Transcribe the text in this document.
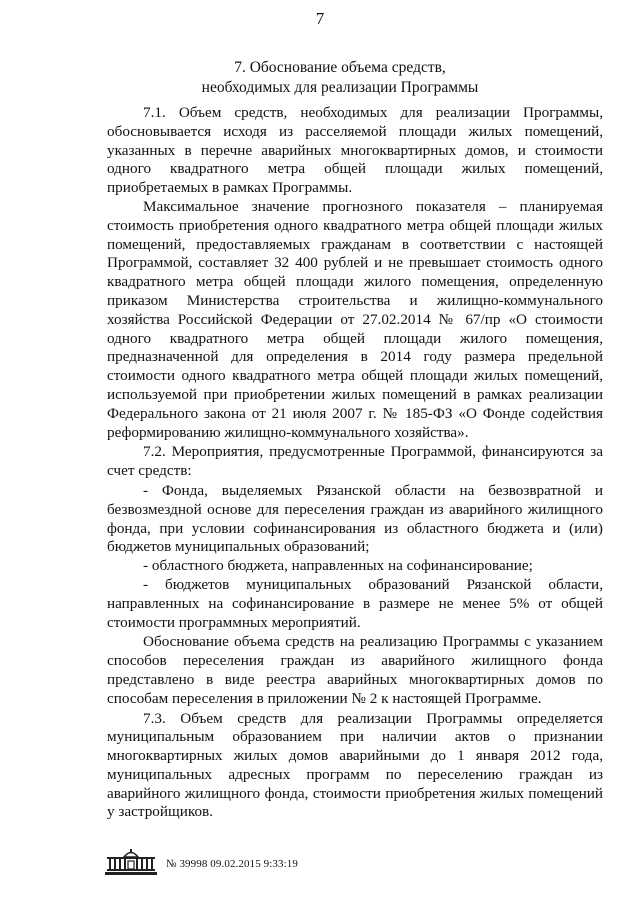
7
7. Обоснование объема средств,
необходимых для реализации Программы

7.1. Объем средств, необходимых для реализации Программы, обосновывается исходя из расселяемой площади жилых помещений, указанных в перечне аварийных многоквартирных домов, и стоимости одного квадратного метра общей площади жилых помещений, приобретаемых в рамках Программы.

Максимальное значение прогнозного показателя – планируемая стоимость приобретения одного квадратного метра общей площади жилых помещений, предоставляемых гражданам в соответствии с настоящей Программой, составляет 32 400 рублей и не превышает стоимость одного квадратного метра общей площади жилого помещения, определенную приказом Министерства строительства и жилищно-коммунального хозяйства Российской Федерации от 27.02.2014 № 67/пр «О стоимости одного квадратного метра общей площади жилого помещения, предназначенной для определения в 2014 году размера предельной стоимости одного квадратного метра общей площади жилых помещений, используемой при приобретении жилых помещений в рамках реализации Федерального закона от 21 июля 2007 г. № 185-ФЗ «О Фонде содействия реформированию жилищно-коммунального хозяйства».

7.2. Мероприятия, предусмотренные Программой, финансируются за счет средств:

- Фонда, выделяемых Рязанской области на безвозвратной и безвозмездной основе для переселения граждан из аварийного жилищного фонда, при условии софинансирования из областного бюджета и (или) бюджетов муниципальных образований;

- областного бюджета, направленных на софинансирование;

- бюджетов муниципальных образований Рязанской области, направленных на софинансирование в размере не менее 5% от общей стоимости программных мероприятий.

Обоснование объема средств на реализацию Программы с указанием способов переселения граждан из аварийного жилищного фонда представлено в виде реестра аварийных многоквартирных домов по способам переселения в приложении № 2 к настоящей Программе.

7.3. Объем средств для реализации Программы определяется муниципальным образованием при наличии актов о признании многоквартирных жилых домов аварийными до 1 января 2012 года, муниципальных адресных программ по переселению граждан из аварийного жилищного фонда, стоимости приобретения жилых помещений у застройщиков.

№ 39998 09.02.2015 9:33:19
